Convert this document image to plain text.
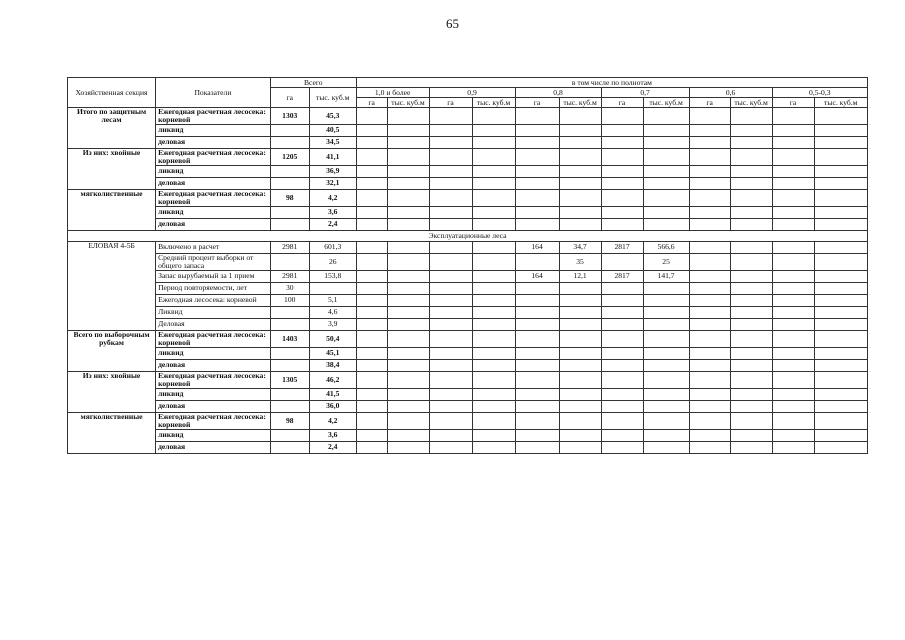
65
Хозяйственная секция	Показатели	Всего		в том числе по полнотам											
		га	тыс. куб.м	1,0 и более		0,9		0,8		0,7		0,6		0,5-0,3	
				га	тыс. куб.м	га	тыс. куб.м	га	тыс. куб.м	га	тыс. куб.м	га	тыс. куб.м	га	тыс. куб.м
Итого по защитным лесам	Ежегодная расчетная лесосека: корневой	1303	45,3												
	ликвид		40,5												
	деловая		34,5												
Из них: хвойные	Ежегодная расчетная лесосека: корневой	1205	41,1												
	ликвид		36,9												
	деловая		32,1												
мягколиственные	Ежегодная расчетная лесосека: корневой	98	4,2												
	ликвид		3,6												
	деловая		2,4												
Эксплуатационные леса															
ЕЛОВАЯ 4-5Б	Включено в расчет	2981	601,3					164	34,7	2817	566,6				
	Средний процент выборки от общего запаса		26						35		25				
	Запас вырубаемый за 1 прием	2981	153,8					164	12,1	2817	141,7				
	Период повторяемости, лет	30													
	Ежегодная лесосека: корневой	100	5,1												
	Ликвид		4,6												
	Деловая		3,9												
Всего по выборочным рубкам	Ежегодная расчетная лесосека: корневой	1403	50,4												
	ликвид		45,1												
	деловая		38,4												
Из них: хвойные	Ежегодная расчетная лесосека: корневой	1305	46,2												
	ликвид		41,5												
	деловая		36,0												
мягколиственные	Ежегодная расчетная лесосека: корневой	98	4,2												
	ликвид		3,6												
	деловая		2,4												
